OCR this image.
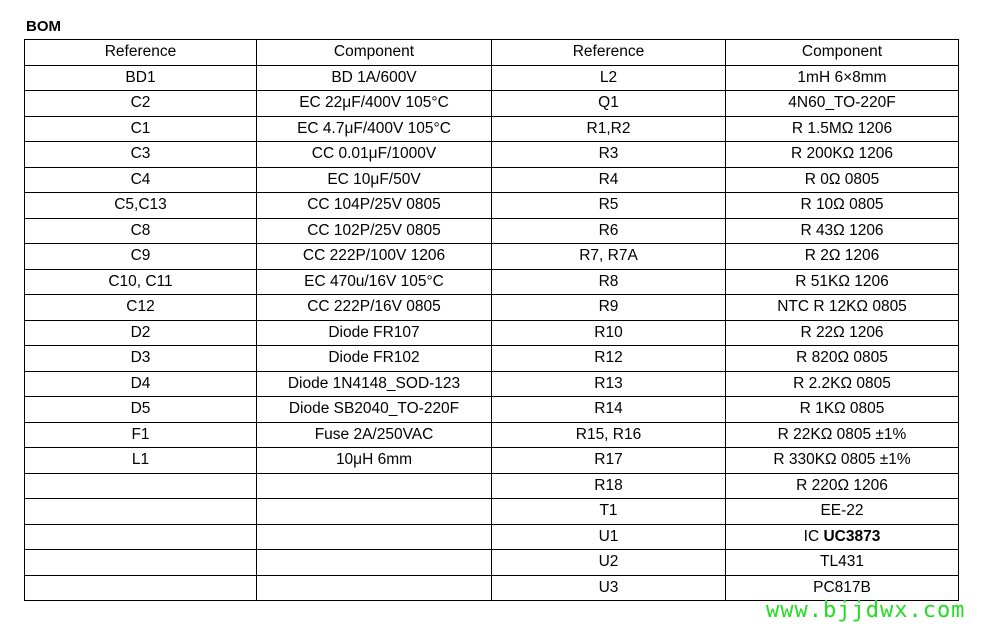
BOM
Reference	Component	Reference	Component
BD1	BD 1A/600V	L2	1mH 6×8mm
C2	EC 22μF/400V 105°C	Q1	4N60_TO-220F
C1	EC 4.7μF/400V 105°C	R1,R2	R 1.5MΩ 1206
C3	CC 0.01μF/1000V	R3	R 200KΩ 1206
C4	EC 10μF/50V	R4	R 0Ω 0805
C5,C13	CC 104P/25V 0805	R5	R 10Ω 0805
C8	CC 102P/25V 0805	R6	R 43Ω 1206
C9	CC 222P/100V 1206	R7, R7A	R 2Ω 1206
C10, C11	EC 470u/16V 105°C	R8	R 51KΩ 1206
C12	CC 222P/16V 0805	R9	NTC R 12KΩ 0805
D2	Diode FR107	R10	R 22Ω 1206
D3	Diode FR102	R12	R 820Ω 0805
D4	Diode 1N4148_SOD-123	R13	R 2.2KΩ 0805
D5	Diode SB2040_TO-220F	R14	R 1KΩ 0805
F1	Fuse 2A/250VAC	R15, R16	R 22KΩ 0805 ±1%
L1	10μH 6mm	R17	R 330KΩ 0805 ±1%
		R18	R 220Ω 1206
		T1	EE-22
		U1	IC UC3873
		U2	TL431
		U3	PC817B
www.bjjdwx.com
